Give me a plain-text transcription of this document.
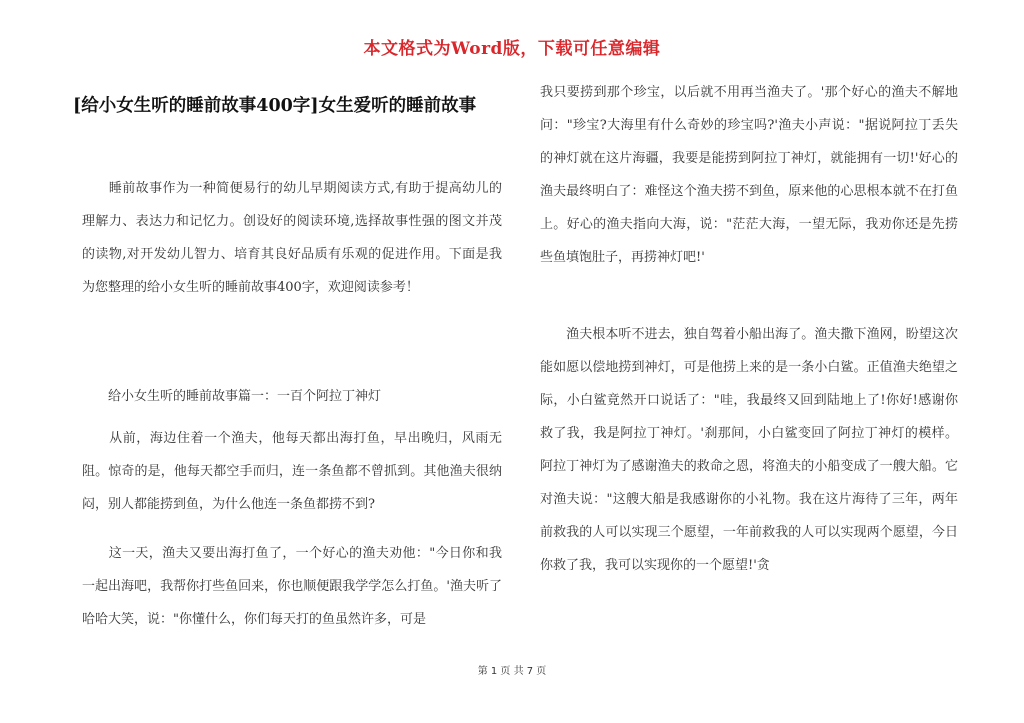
本文格式为Word版，下载可任意编辑
[给小女生听的睡前故事400字]女生爱听的睡前故事

　　睡前故事作为一种简便易行的幼儿早期阅读方式,有助于提高幼儿的理解力、表达力和记忆力。创设好的阅读环境,选择故事性强的图文并茂的读物,对开发幼儿智力、培育其良好品质有乐观的促进作用。下面是我为您整理的给小女生听的睡前故事400字，欢迎阅读参考！

　　给小女生听的睡前故事篇一：一百个阿拉丁神灯

　　从前，海边住着一个渔夫，他每天都出海打鱼，早出晚归，风雨无阻。惊奇的是，他每天都空手而归，连一条鱼都不曾抓到。其他渔夫很纳闷，别人都能捞到鱼，为什么他连一条鱼都捞不到?

　　这一天，渔夫又要出海打鱼了，一个好心的渔夫劝他："今日你和我一起出海吧，我帮你打些鱼回来，你也顺便跟我学学怎么打鱼。'渔夫听了哈哈大笑，说："你懂什么，你们每天打的鱼虽然许多，可是

我只要捞到那个珍宝，以后就不用再当渔夫了。'那个好心的渔夫不解地问："珍宝?大海里有什么奇妙的珍宝吗?'渔夫小声说："据说阿拉丁丢失的神灯就在这片海疆，我要是能捞到阿拉丁神灯，就能拥有一切!'好心的渔夫最终明白了：难怪这个渔夫捞不到鱼，原来他的心思根本就不在打鱼上。好心的渔夫指向大海，说："茫茫大海，一望无际，我劝你还是先捞些鱼填饱肚子，再捞神灯吧!'

　　渔夫根本听不进去，独自驾着小船出海了。渔夫撒下渔网，盼望这次能如愿以偿地捞到神灯，可是他捞上来的是一条小白鲨。正值渔夫绝望之际，小白鲨竟然开口说话了："哇，我最终又回到陆地上了!你好!感谢你救了我，我是阿拉丁神灯。'刹那间，小白鲨变回了阿拉丁神灯的模样。阿拉丁神灯为了感谢渔夫的救命之恩，将渔夫的小船变成了一艘大船。它对渔夫说："这艘大船是我感谢你的小礼物。我在这片海待了三年，两年前救我的人可以实现三个愿望，一年前救我的人可以实现两个愿望，今日你救了我，我可以实现你的一个愿望!'贪

第 1 页 共 7 页
